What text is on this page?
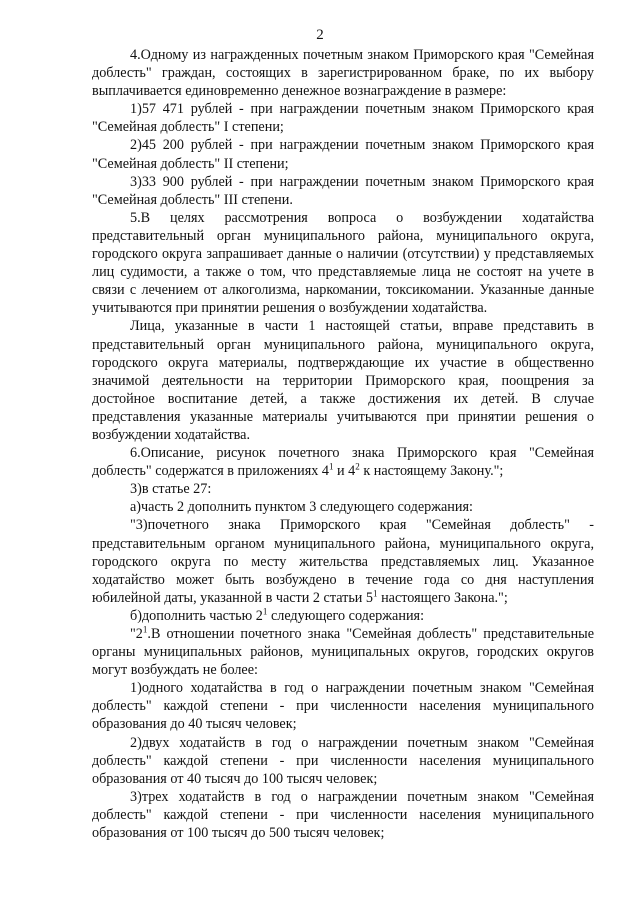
2

4.Одному из награжденных почетным знаком Приморского края "Семейная доблесть" граждан, состоящих в зарегистрированном браке, по их выбору выплачивается единовременно денежное вознаграждение в размере:

1)57 471 рублей - при награждении почетным знаком Приморского края "Семейная доблесть" I степени;

2)45 200 рублей - при награждении почетным знаком Приморского края "Семейная доблесть" II степени;

3)33 900 рублей - при награждении почетным знаком Приморского края "Семейная доблесть" III степени.

5.В целях рассмотрения вопроса о возбуждении ходатайства представительный орган муниципального района, муниципального округа, городского округа запрашивает данные о наличии (отсутствии) у представляемых лиц судимости, а также о том, что представляемые лица не состоят на учете в связи с лечением от алкоголизма, наркомании, токсикомании. Указанные данные учитываются при принятии решения о возбуждении ходатайства.

Лица, указанные в части 1 настоящей статьи, вправе представить в представительный орган муниципального района, муниципального округа, городского округа материалы, подтверждающие их участие в общественно значимой деятельности на территории Приморского края, поощрения за достойное воспитание детей, а также достижения их детей. В случае представления указанные материалы учитываются при принятии решения о возбуждении ходатайства.

6.Описание, рисунок почетного знака Приморского края "Семейная доблесть" содержатся в приложениях $4^1$ и $4^2$ к настоящему Закону.";

3)в статье 27:

а)часть 2 дополнить пунктом 3 следующего содержания:

"3)почетного знака Приморского края "Семейная доблесть" - представительным органом муниципального района, муниципального округа, городского округа по месту жительства представляемых лиц. Указанное ходатайство может быть возбуждено в течение года со дня наступления юбилейной даты, указанной в части 2 статьи $5^1$ настоящего Закона.";

б)дополнить частью $2^1$ следующего содержания:

"$2^1.В$ отношении почетного знака "Семейная доблесть" представительные органы муниципальных районов, муниципальных округов, городских округов могут возбуждать не более:

1)одного ходатайства в год о награждении почетным знаком "Семейная доблесть" каждой степени - при численности населения муниципального образования до 40 тысяч человек;

2)двух ходатайств в год о награждении почетным знаком "Семейная доблесть" каждой степени - при численности населения муниципального образования от 40 тысяч до 100 тысяч человек;

3)трех ходатайств в год о награждении почетным знаком "Семейная доблесть" каждой степени - при численности населения муниципального образования от 100 тысяч до 500 тысяч человек;
